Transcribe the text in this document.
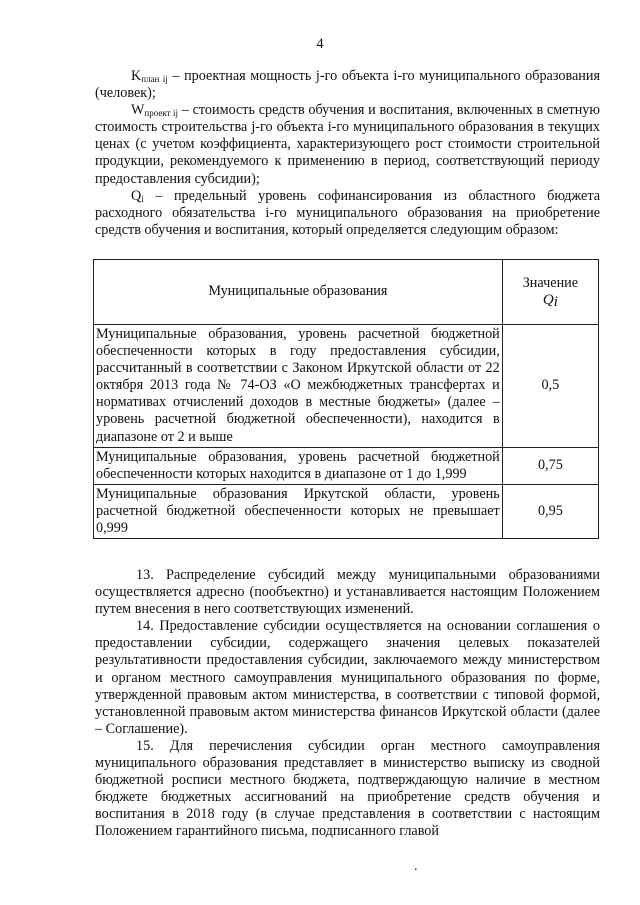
4

$K_{план ij}$ – проектная мощность j-го объекта i-го муниципального образования (человек);

$W_{проект ij}$ – стоимость средств обучения и воспитания, включенных в сметную стоимость строительства j-го объекта i-го муниципального образования в текущих ценах (с учетом коэффициента, характеризующего рост стоимости строительной продукции, рекомендуемого к применению в период, соответствующий периоду предоставления субсидии);

$Q_i$ – предельный уровень софинансирования из областного бюджета расходного обязательства i-го муниципального образования на приобретение средств обучения и воспитания, который определяется следующим образом:

Муниципальные образования	Значение
$Q_i$

Муниципальные образования, уровень расчетной бюджетной обеспеченности которых в году предоставления субсидии, рассчитанный в соответствии с Законом Иркутской области от 22 октября 2013 года № 74-ОЗ «О межбюджетных трансфертах и нормативах отчислений доходов в местные бюджеты» (далее – уровень расчетной бюджетной обеспеченности), находится в диапазоне от 2 и выше	0,5
Муниципальные образования, уровень расчетной бюджетной обеспеченности которых находится в диапазоне от 1 до 1,999	0,75
Муниципальные образования Иркутской области, уровень расчетной бюджетной обеспеченности которых не превышает 0,999	0,95

13. Распределение субсидий между муниципальными образованиями осуществляется адресно (пообъектно) и устанавливается настоящим Положением путем внесения в него соответствующих изменений.

14. Предоставление субсидии осуществляется на основании соглашения о предоставлении субсидии, содержащего значения целевых показателей результативности предоставления субсидии, заключаемого между министерством и органом местного самоуправления муниципального образования по форме, утвержденной правовым актом министерства, в соответствии с типовой формой, установленной правовым актом министерства финансов Иркутской области (далее – Соглашение).

15. Для перечисления субсидии орган местного самоуправления муниципального образования представляет в министерство выписку из сводной бюджетной росписи местного бюджета, подтверждающую наличие в местном бюджете бюджетных ассигнований на приобретение средств обучения и воспитания в 2018 году (в случае представления в соответствии с настоящим Положением гарантийного письма, подписанного главой

.
